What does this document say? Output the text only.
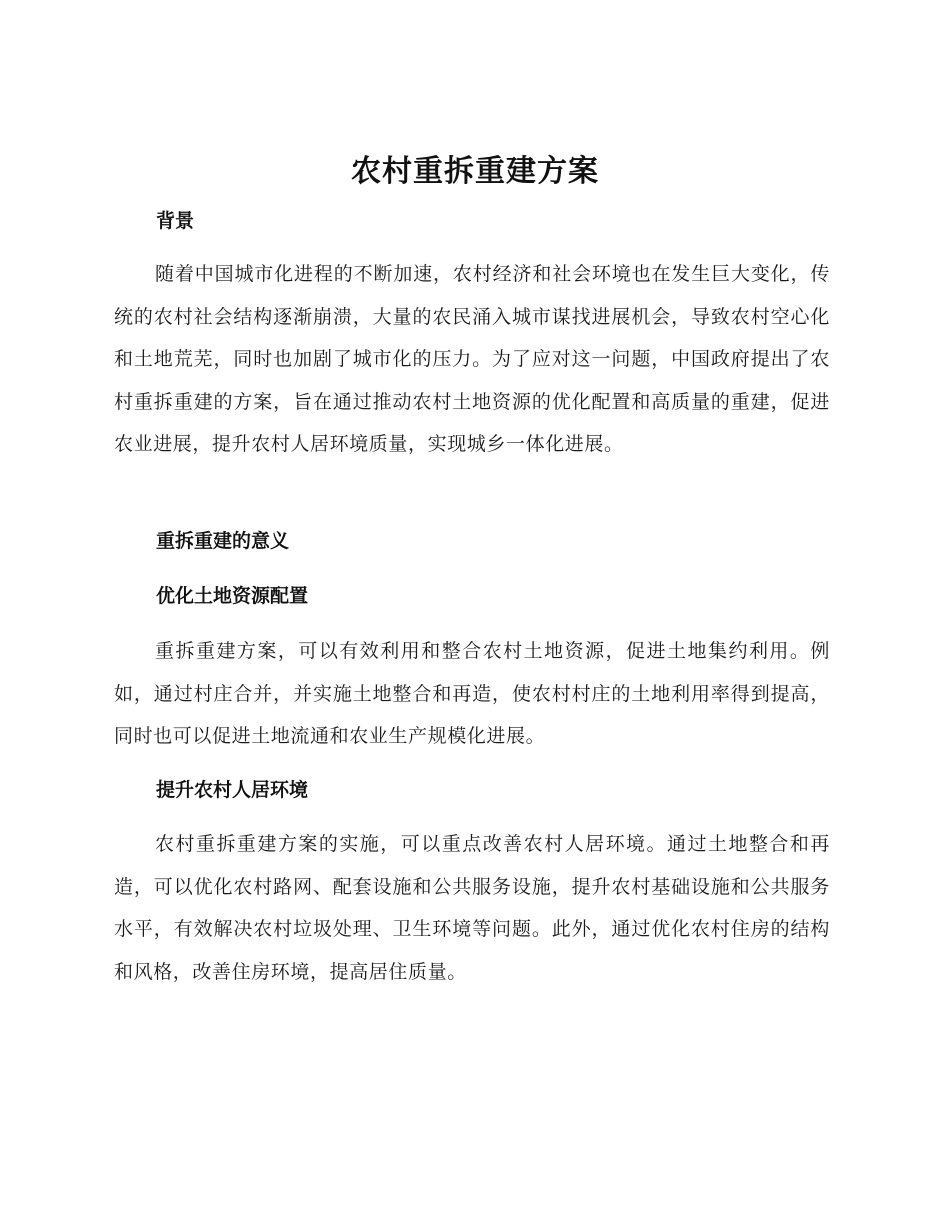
农村重拆重建方案
背景

随着中国城市化进程的不断加速，农村经济和社会环境也在发生巨大变化，传统的农村社会结构逐渐崩溃，大量的农民涌入城市谋找进展机会，导致农村空心化和土地荒芜，同时也加剧了城市化的压力。为了应对这一问题，中国政府提出了农村重拆重建的方案，旨在通过推动农村土地资源的优化配置和高质量的重建，促进农业进展，提升农村人居环境质量，实现城乡一体化进展。

重拆重建的意义
优化土地资源配置

重拆重建方案，可以有效利用和整合农村土地资源，促进土地集约利用。例如，通过村庄合并，并实施土地整合和再造，使农村村庄的土地利用率得到提高，同时也可以促进土地流通和农业生产规模化进展。

提升农村人居环境

农村重拆重建方案的实施，可以重点改善农村人居环境。通过土地整合和再造，可以优化农村路网、配套设施和公共服务设施，提升农村基础设施和公共服务水平，有效解决农村垃圾处理、卫生环境等问题。此外，通过优化农村住房的结构和风格，改善住房环境，提高居住质量。
